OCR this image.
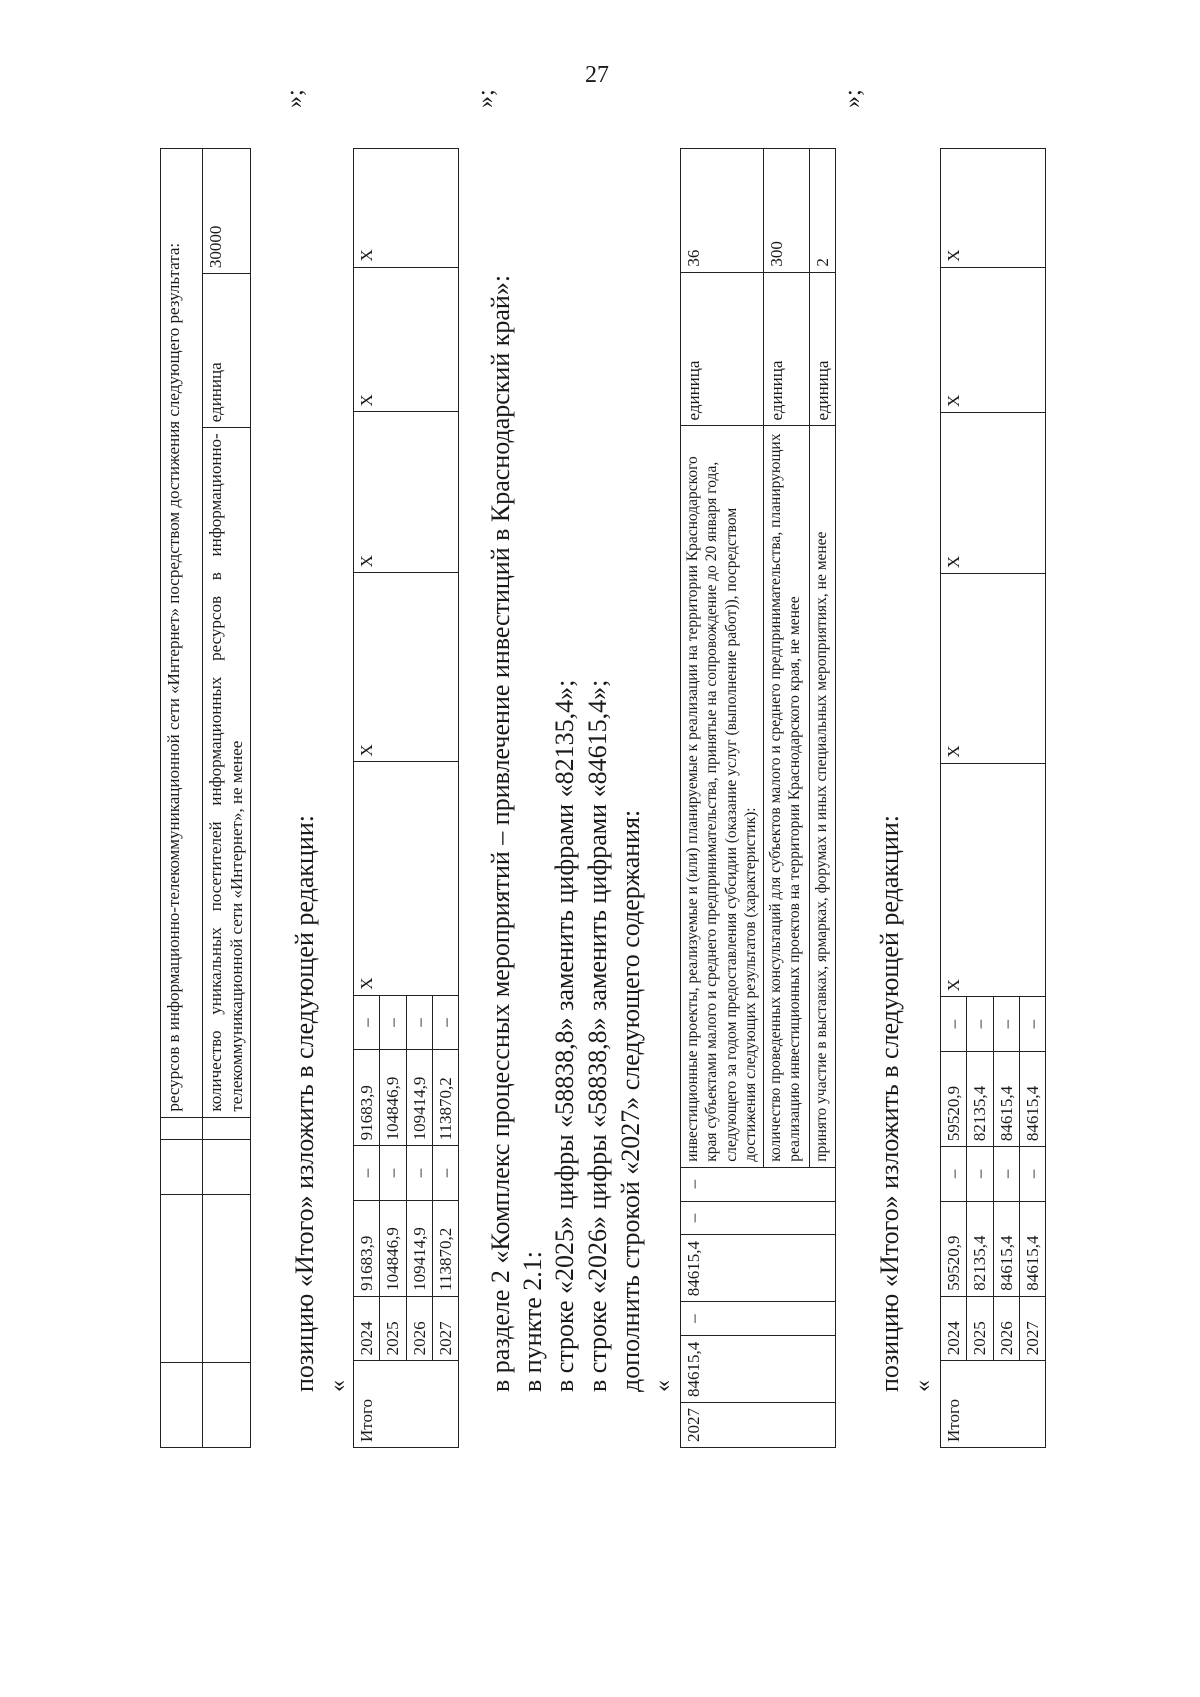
27
				ресурсов в информационно-телекоммуникационной сети «Интернет» посредством достижения следующего результата:		
				количество уникальных посетителей информационных ресурсов в информационно-телекоммуникационной сети «Интернет», не менее	единица	30000
»;
позицию «Итого» изложить в следующей редакции: «
Итого	2024	91683,9	–	91683,9	–	Х	Х	Х	Х	Х
	2025	104846,9	–	104846,9	–					
	2026	109414,9	–	109414,9	–					
	2027	113870,2	–	113870,2	–					
»;
в разделе 2 «Комплекс процессных мероприятий – привлечение инвестиций в Краснодарский край»: в пункте 2.1: в строке «2025» цифры «58838,8» заменить цифрами «82135,4»; в строке «2026» цифры «58838,8» заменить цифрами «84615,4»; дополнить строкой «2027» следующего содержания: «
2027	84615,4	–	84615,4	–	–	инвестиционные проекты, реализуемые и (или) планируемые к реализации на территории Краснодарского края субъектами малого и среднего предпринимательства, принятые на сопровождение до 20 января года, следующего за годом предоставления субсидии (оказание услуг (выполнение работ)), посредством достижения следующих результатов (характеристик):	единица	36
						количество проведенных консультаций для субъектов малого и среднего предпринимательства, планирующих реализацию инвестиционных проектов на территории Краснодарского края, не менее	единица	300
						принято участие в выставках, ярмарках, форумах и иных специальных мероприятиях, не менее	единица	2
»;
позицию «Итого» изложить в следующей редакции: «
Итого	2024	59520,9	–	59520,9	–	Х	Х	Х	Х	Х
	2025	82135,4	–	82135,4	–					
	2026	84615,4	–	84615,4	–					
	2027	84615,4	–	84615,4	–					
